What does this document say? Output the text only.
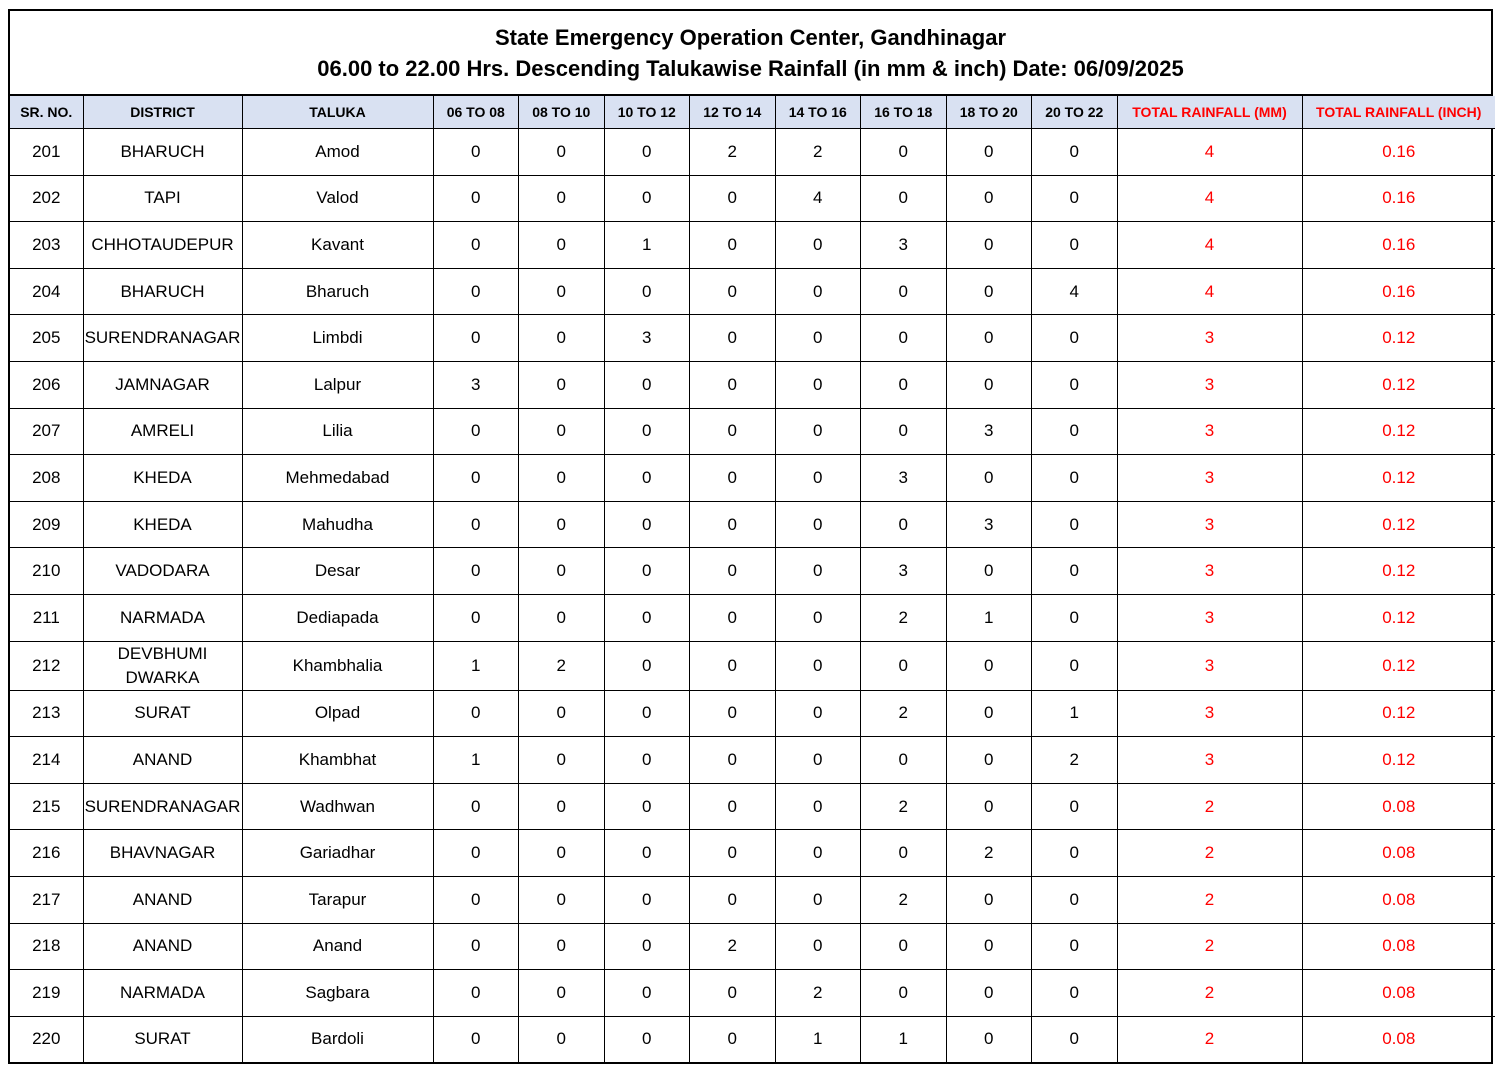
State Emergency Operation Center, Gandhinagar
06.00 to 22.00 Hrs. Descending Talukawise Rainfall (in mm & inch) Date: 06/09/2025
SR. NO.	DISTRICT	TALUKA	06 TO 08	08 TO 10	10 TO 12	12 TO 14	14 TO 16	16 TO 18	18 TO 20	20 TO 22	TOTAL RAINFALL (MM)	TOTAL RAINFALL (INCH)
201	BHARUCH	Amod	0	0	0	2	2	0	0	0	4	0.16
202	TAPI	Valod	0	0	0	0	4	0	0	0	4	0.16
203	CHHOTAUDEPUR	Kavant	0	0	1	0	0	3	0	0	4	0.16
204	BHARUCH	Bharuch	0	0	0	0	0	0	0	4	4	0.16
205	SURENDRANAGAR	Limbdi	0	0	3	0	0	0	0	0	3	0.12
206	JAMNAGAR	Lalpur	3	0	0	0	0	0	0	0	3	0.12
207	AMRELI	Lilia	0	0	0	0	0	0	3	0	3	0.12
208	KHEDA	Mehmedabad	0	0	0	0	0	3	0	0	3	0.12
209	KHEDA	Mahudha	0	0	0	0	0	0	3	0	3	0.12
210	VADODARA	Desar	0	0	0	0	0	3	0	0	3	0.12
211	NARMADA	Dediapada	0	0	0	0	0	2	1	0	3	0.12
212	DEVBHUMI DWARKA	Khambhalia	1	2	0	0	0	0	0	0	3	0.12
213	SURAT	Olpad	0	0	0	0	0	2	0	1	3	0.12
214	ANAND	Khambhat	1	0	0	0	0	0	0	2	3	0.12
215	SURENDRANAGAR	Wadhwan	0	0	0	0	0	2	0	0	2	0.08
216	BHAVNAGAR	Gariadhar	0	0	0	0	0	0	2	0	2	0.08
217	ANAND	Tarapur	0	0	0	0	0	2	0	0	2	0.08
218	ANAND	Anand	0	0	0	2	0	0	0	0	2	0.08
219	NARMADA	Sagbara	0	0	0	0	2	0	0	0	2	0.08
220	SURAT	Bardoli	0	0	0	0	1	1	0	0	2	0.08
